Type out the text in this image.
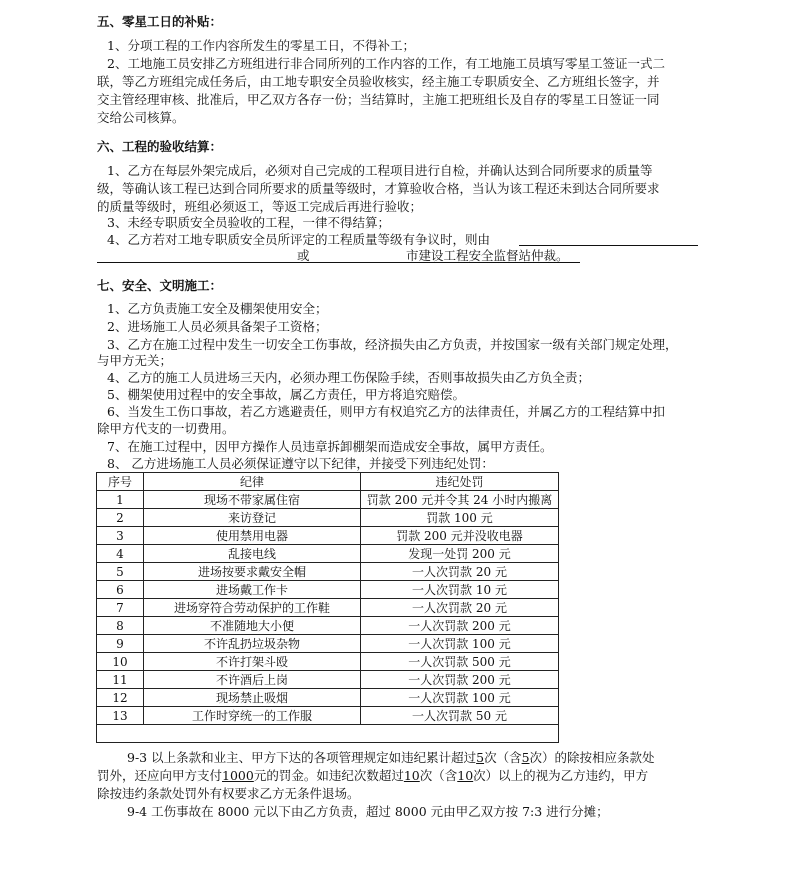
五、零星工日的补贴：
1、分项工程的工作内容所发生的零星工日，不得补工；
2、工地施工员安排乙方班组进行非合同所列的工作内容的工作，有工地施工员填写零星工签证一式二
联，等乙方班组完成任务后，由工地专职安全员验收核实，经主施工专职质安全、乙方班组长签字，并
交主管经理审核、批准后，甲乙双方各存一份；当结算时，主施工把班组长及自存的零星工日签证一同
交给公司核算。
六、工程的验收结算：
1、乙方在每层外架完成后，必须对自己完成的工程项目进行自检，并确认达到合同所要求的质量等
级，等确认该工程已达到合同所要求的质量等级时，才算验收合格，当认为该工程还未到达合同所要求
的质量等级时，班组必须返工，等返工完成后再进行验收；
3、未经专职质安全员验收的工程，一律不得结算；
4、乙方若对工地专职质安全员所评定的工程质量等级有争议时，则由
或	市建设工程安全监督站仲裁。
七、安全、文明施工：
1、乙方负责施工安全及棚架使用安全；
2、进场施工人员必须具备架子工资格；
3、乙方在施工过程中发生一切安全工伤事故，经济损失由乙方负责，并按国家一级有关部门规定处理，
与甲方无关；
4、乙方的施工人员进场三天内，必须办理工伤保险手续，否则事故损失由乙方负全责；
5、棚架使用过程中的安全事故，属乙方责任，甲方将追究赔偿。
6、当发生工伤口事故，若乙方逃避责任，则甲方有权追究乙方的法律责任，并属乙方的工程结算中扣
除甲方代支的一切费用。
7、在施工过程中，因甲方操作人员违章拆卸棚架而造成安全事故，属甲方责任。
8、 乙方进场施工人员必须保证遵守以下纪律，并接受下列违纪处罚：
序号	纪律	违纪处罚
1	现场不带家属住宿	罚款 200 元并令其 24 小时内搬离
2	来访登记	罚款 100 元
3	使用禁用电器	罚款 200 元并没收电器
4	乱接电线	发现一处罚 200 元
5	进场按要求戴安全帽	一人次罚款 20 元
6	进场戴工作卡	一人次罚款 10 元
7	进场穿符合劳动保护的工作鞋	一人次罚款 20 元
8	不准随地大小便	一人次罚款 200 元
9	不许乱扔垃圾杂物	一人次罚款 100 元
10	不许打架斗殴	一人次罚款 500 元
11	不许酒后上岗	一人次罚款 200 元
12	现场禁止吸烟	一人次罚款 100 元
13	工作时穿统一的工作服	一人次罚款 50 元

9-3 以上条款和业主、甲方下达的各项管理规定如违纪累计超过5次（含5次）的除按相应条款处
罚外，还应向甲方支付1000元的罚金。如违纪次数超过10次（含10次）以上的视为乙方违约，甲方
除按违约条款处罚外有权要求乙方无条件退场。
9-4 工伤事故在 8000 元以下由乙方负责，超过 8000 元由甲乙双方按 7:3 进行分摊；
